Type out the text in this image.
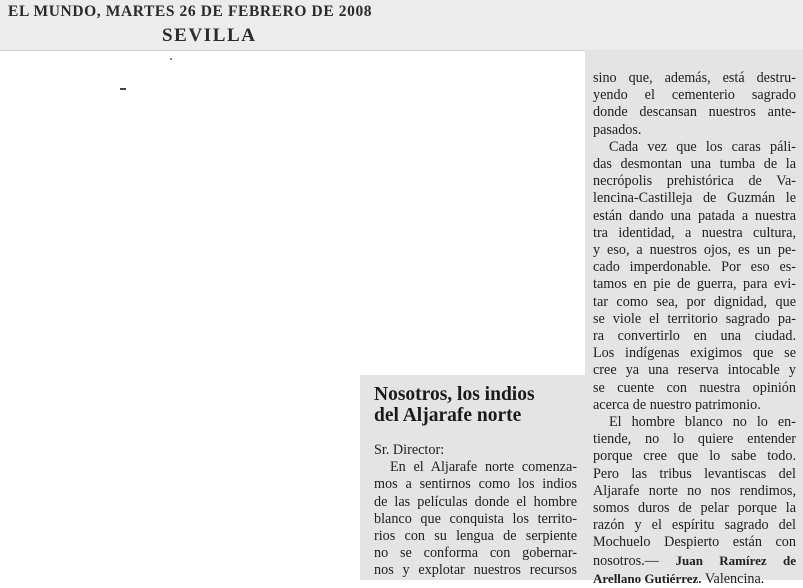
EL MUNDO, MARTES 26 DE FEBRERO DE 2008
SEVILLA
Nosotros, los indios
del Aljarafe norte
Sr. Director:
En el Aljarafe norte comenza-
mos a sentirnos como los indios
de las películas donde el hombre
blanco que conquista los territo-
rios con su lengua de serpiente
no se conforma con gobernar-
nos y explotar nuestros recursos
sino que, además, está destru-
yendo el cementerio sagrado
donde descansan nuestros ante-
pasados.
Cada vez que los caras páli-
das desmontan una tumba de la
necrópolis prehistórica de Va-
lencina-Castilleja de Guzmán le
están dando una patada a nuestra
tra identidad, a nuestra cultura,
y eso, a nuestros ojos, es un pe-
cado imperdonable. Por eso es-
tamos en pie de guerra, para evi-
tar como sea, por dignidad, que
se viole el territorio sagrado pa-
ra convertirlo en una ciudad.
Los indígenas exigimos que se
cree ya una reserva intocable y
se cuente con nuestra opinión
acerca de nuestro patrimonio.
El hombre blanco no lo en-
tiende, no lo quiere entender
porque cree que lo sabe todo.
Pero las tribus levantiscas del
Aljarafe norte no nos rendimos,
somos duros de pelar porque la
razón y el espíritu sagrado del
Mochuelo Despierto están con
nosotros.— Juan Ramírez de
Arellano Gutiérrez. Valencina.
